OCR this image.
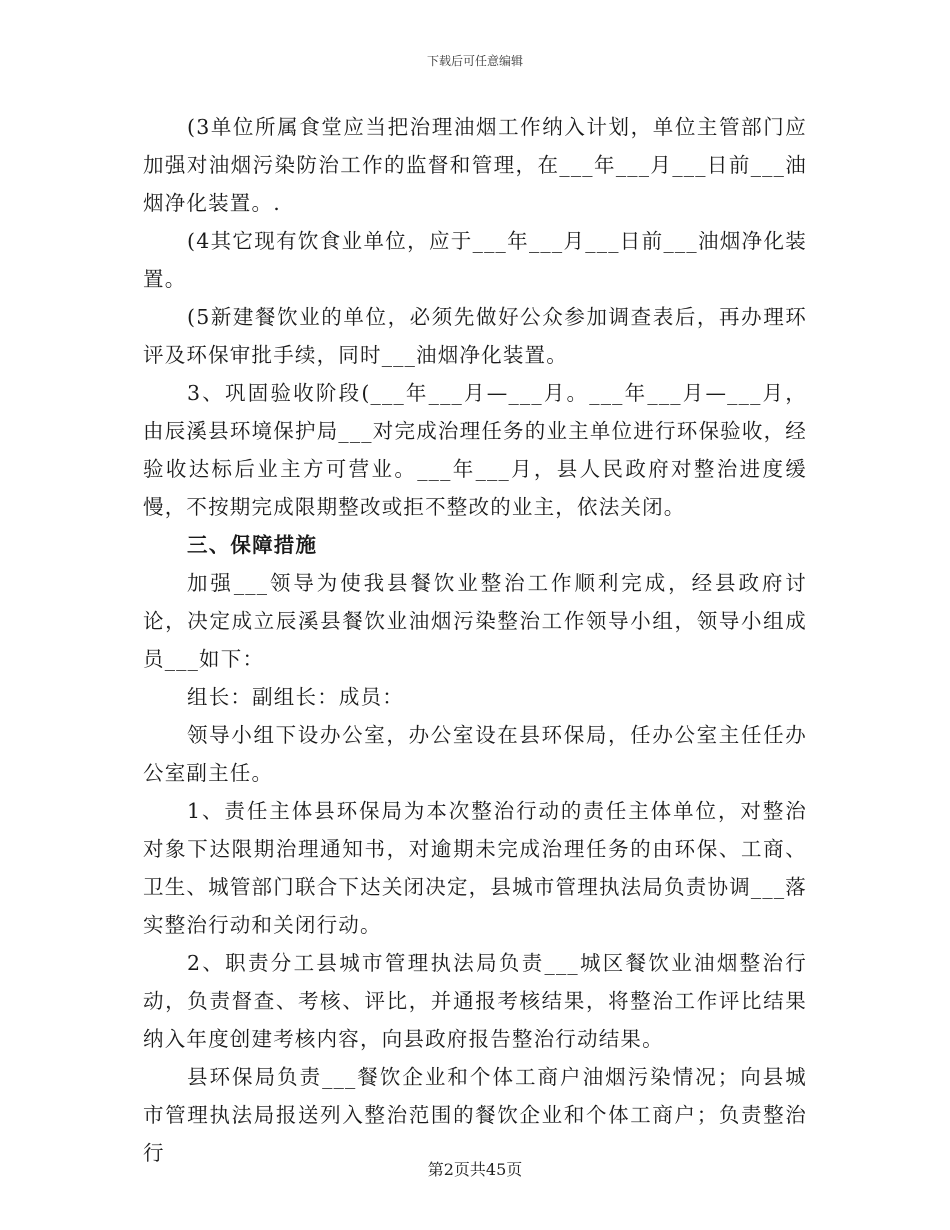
下载后可任意编辑

(3单位所属食堂应当把治理油烟工作纳入计划，单位主管部门应加强对油烟污染防治工作的监督和管理，在___年___月___日前___油烟净化装置。.

(4其它现有饮食业单位，应于___年___月___日前___油烟净化装置。

(5新建餐饮业的单位，必须先做好公众参加调查表后，再办理环评及环保审批手续，同时___油烟净化装置。

3、巩固验收阶段(___年___月—___月。___年___月—___月，由辰溪县环境保护局___对完成治理任务的业主单位进行环保验收，经验收达标后业主方可营业。___年___月，县人民政府对整治进度缓慢，不按期完成限期整改或拒不整改的业主，依法关闭。

三、保障措施

加强___领导为使我县餐饮业整治工作顺利完成，经县政府讨论，决定成立辰溪县餐饮业油烟污染整治工作领导小组，领导小组成员___如下：

组长：副组长：成员：

领导小组下设办公室，办公室设在县环保局，任办公室主任任办公室副主任。

1、责任主体县环保局为本次整治行动的责任主体单位，对整治对象下达限期治理通知书，对逾期未完成治理任务的由环保、工商、卫生、城管部门联合下达关闭决定，县城市管理执法局负责协调___落实整治行动和关闭行动。

2、职责分工县城市管理执法局负责___城区餐饮业油烟整治行动，负责督查、考核、评比，并通报考核结果，将整治工作评比结果纳入年度创建考核内容，向县政府报告整治行动结果。

县环保局负责___餐饮企业和个体工商户油烟污染情况；向县城市管理执法局报送列入整治范围的餐饮企业和个体工商户；负责整治行

第2页共45页
